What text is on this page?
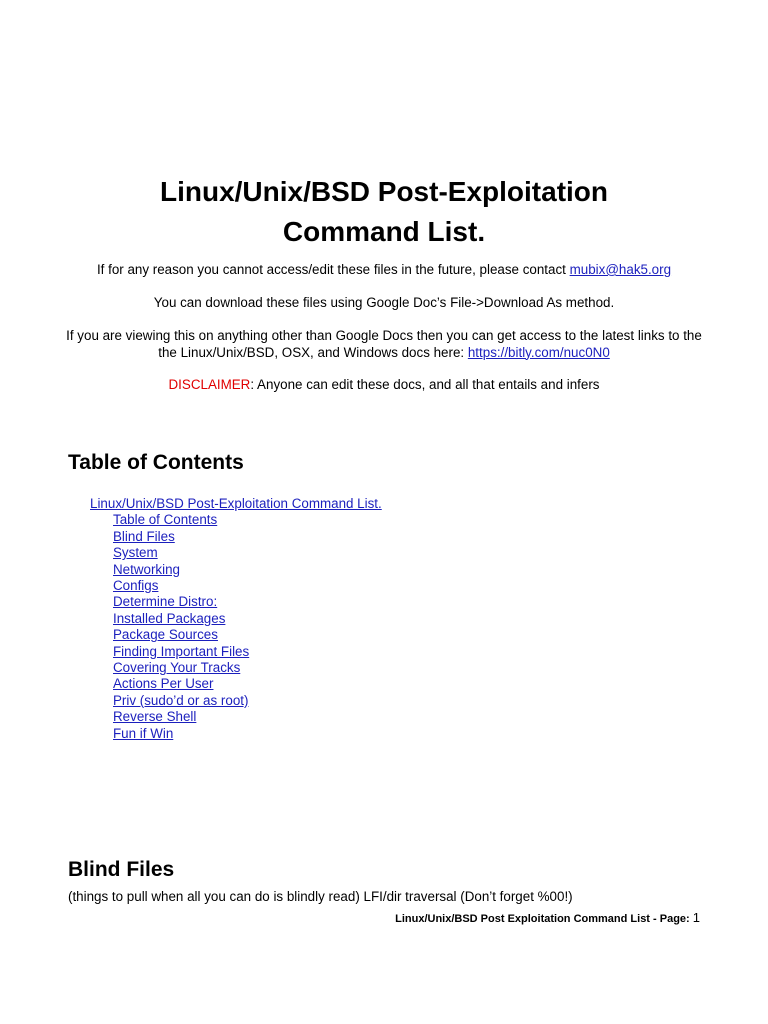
Linux/Unix/BSD Post-Exploitation
Command List.

If for any reason you cannot access/edit these files in the future, please contact mubix@hak5.org

You can download these files using Google Doc’s File->Download As method.

If you are viewing this on anything other than Google Docs then you can get access to the latest links to the the Linux/Unix/BSD, OSX, and Windows docs here: https://bitly.com/nuc0N0

DISCLAIMER: Anyone can edit these docs, and all that entails and infers

Table of Contents
Linux/Unix/BSD Post-Exploitation Command List.
Table of Contents
Blind Files
System
Networking
Configs
Determine Distro:
Installed Packages
Package Sources
Finding Important Files
Covering Your Tracks
Actions Per User
Priv (sudo’d or as root)
Reverse Shell
Fun if Win
Blind Files

(things to pull when all you can do is blindly read) LFI/dir traversal (Don’t forget %00!)

Linux/Unix/BSD Post Exploitation Command List - Page: 1
